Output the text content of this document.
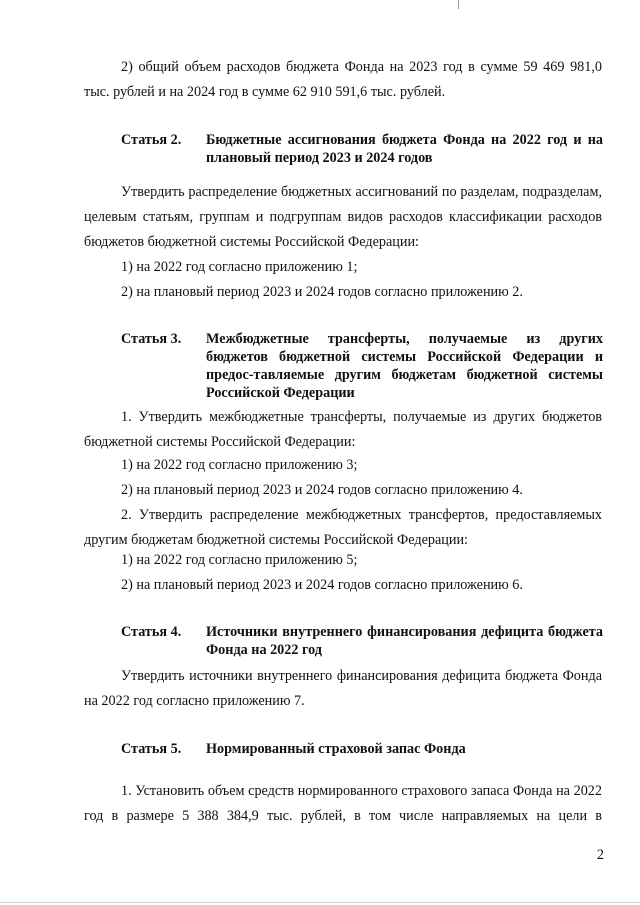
2) общий объем расходов бюджета Фонда на 2023 год в сумме 59 469 981,0 тыс. рублей и на 2024 год в сумме 62 910 591,6 тыс. рублей.

Статья 2.	Бюджетные ассигнования бюджета Фонда на 2022 год и на плановый период 2023 и 2024 годов

Утвердить распределение бюджетных ассигнований по разделам, подразделам, целевым статьям, группам и подгруппам видов расходов классификации расходов бюджетов бюджетной системы Российской Федерации:

1) на 2022 год согласно приложению 1;

2) на плановый период 2023 и 2024 годов согласно приложению 2.

Статья 3.	Межбюджетные трансферты, получаемые из других бюджетов бюджетной системы Российской Федерации и предос-тавляемые другим бюджетам бюджетной системы Российской Федерации

1. Утвердить межбюджетные трансферты, получаемые из других бюджетов бюджетной системы Российской Федерации:

1) на 2022 год согласно приложению 3;

2) на плановый период 2023 и 2024 годов согласно приложению 4.

2. Утвердить распределение межбюджетных трансфертов, предоставляемых другим бюджетам бюджетной системы Российской Федерации:

1) на 2022 год согласно приложению 5;

2) на плановый период 2023 и 2024 годов согласно приложению 6.

Статья 4.	Источники внутреннего финансирования дефицита бюджета Фонда на 2022 год

Утвердить источники внутреннего финансирования дефицита бюджета Фонда на 2022 год согласно приложению 7.

Статья 5.	Нормированный страховой запас Фонда

1. Установить объем средств нормированного страхового запаса Фонда на 2022 год в размере 5 388 384,9 тыс. рублей, в том числе направляемых на цели в

2
